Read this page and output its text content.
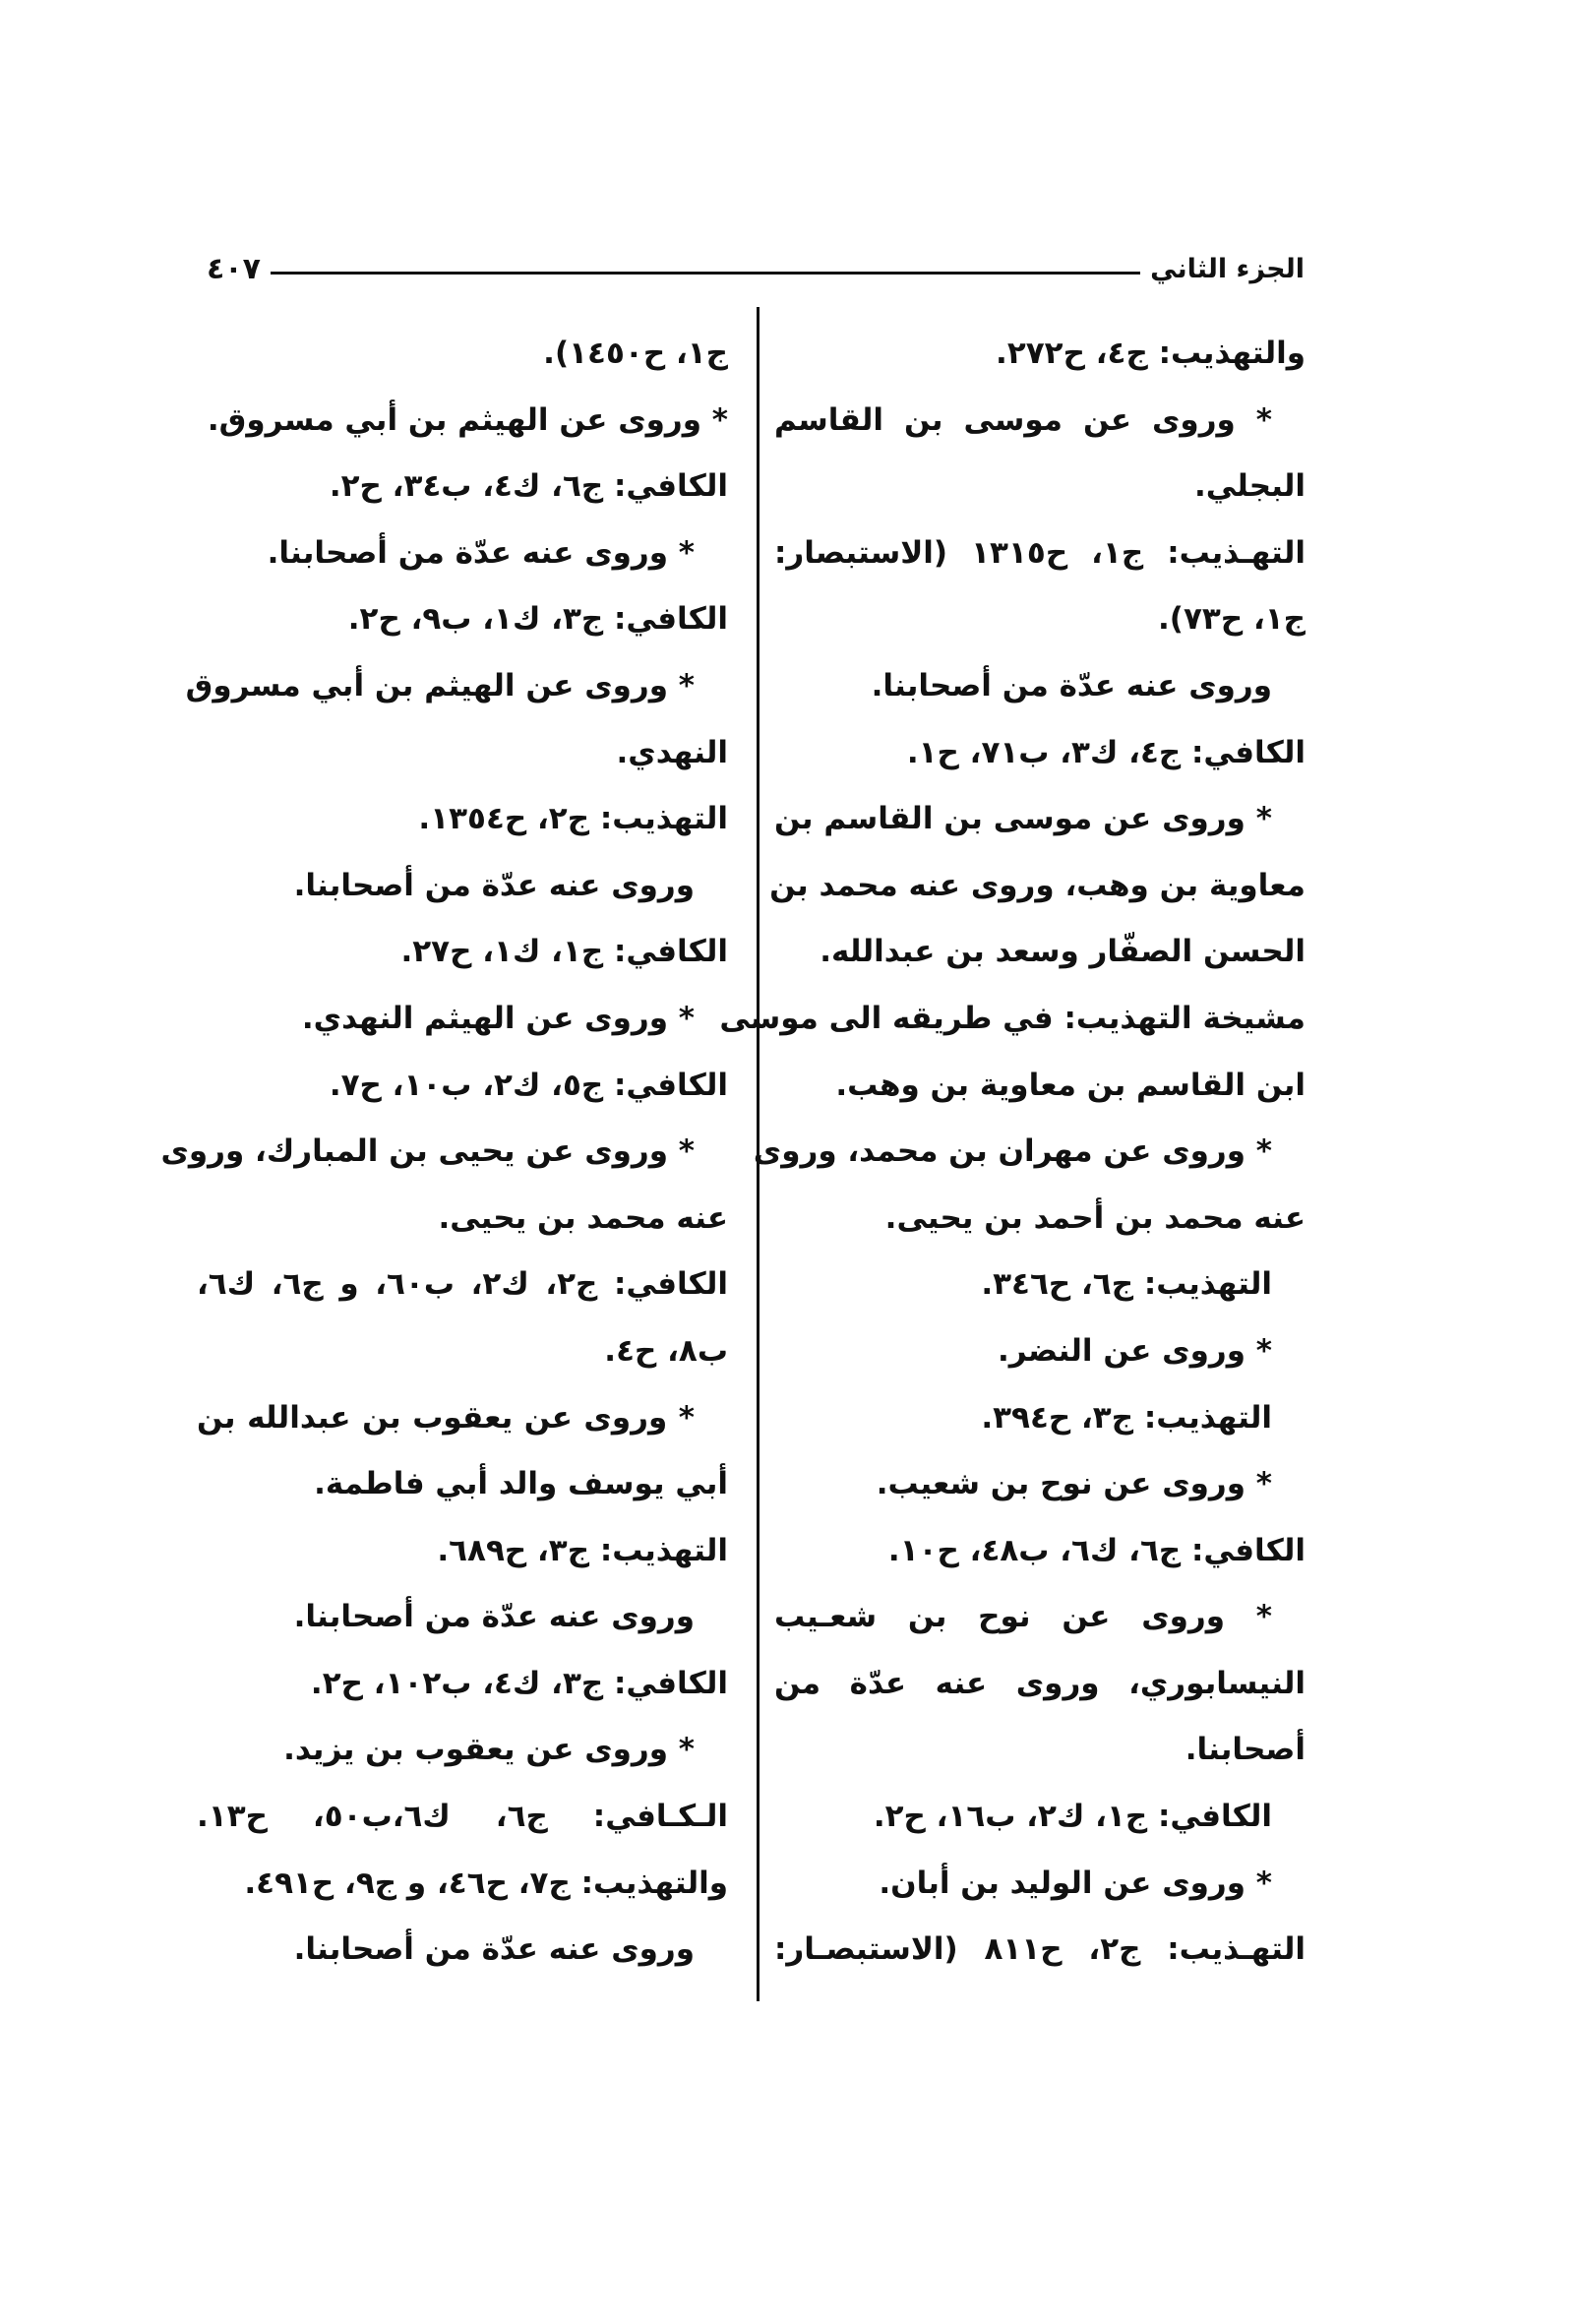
الجزء الثاني
٤٠٧
والتهذيب: ج٤، ح٢٧٢.
* وروى عن موسى بن القاسم
البجلي.
التهـذيب: ج١، ح١٣١٥ (الاستبصار:
ج١، ح٧٣).
وروى عنه عدّة من أصحابنا.
الكافي: ج٤، ك٣، ب٧١، ح١.
* وروى عن موسى بن القاسم بن
معاوية بن وهب، وروى عنه محمد بن
الحسن الصفّار وسعد بن عبدالله.
مشيخة التهذيب: في طريقه الى موسى
ابن القاسم بن معاوية بن وهب.
* وروى عن مهران بن محمد، وروى
عنه محمد بن أحمد بن يحيى.
التهذيب: ج٦، ح٣٤٦.
* وروى عن النضر.
التهذيب: ج٣، ح٣٩٤.
* وروى عن نوح بن شعيب.
الكافي: ج٦، ك٦، ب٤٨، ح١٠.
* وروى عن نوح بن شعـيب
النيسابوري، وروى عنه عدّة من
أصحابنا.
الكافي: ج١، ك٢، ب١٦، ح٢.
* وروى عن الوليد بن أبان.
التهـذيب: ج٢، ح٨١١ (الاستبصـار:
ج١، ح١٤٥٠).
* وروى عن الهيثم بن أبي مسروق.
الكافي: ج٦، ك٤، ب٣٤، ح٢.
* وروى عنه عدّة من أصحابنا.
الكافي: ج٣، ك١، ب٩، ح٢.
* وروى عن الهيثم بن أبي مسروق
النهدي.
التهذيب: ج٢، ح١٣٥٤.
وروى عنه عدّة من أصحابنا.
الكافي: ج١، ك١، ح٢٧.
* وروى عن الهيثم النهدي.
الكافي: ج٥، ك٢، ب١٠، ح٧.
* وروى عن يحيى بن المبارك، وروى
عنه محمد بن يحيى.
الكافي: ج٢، ك٢، ب٦٠، و ج٦، ك٦،
ب٨، ح٤.
* وروى عن يعقوب بن عبدالله بن
أبي يوسف والد أبي فاطمة.
التهذيب: ج٣، ح٦٨٩.
وروى عنه عدّة من أصحابنا.
الكافي: ج٣، ك٤، ب١٠٢، ح٢.
* وروى عن يعقوب بن يزيد.
الـكـافي: ج٦، ك٦،ب٥٠، ح١٣.
والتهذيب: ج٧، ح٤٦، و ج٩، ح٤٩١.
وروى عنه عدّة من أصحابنا.
